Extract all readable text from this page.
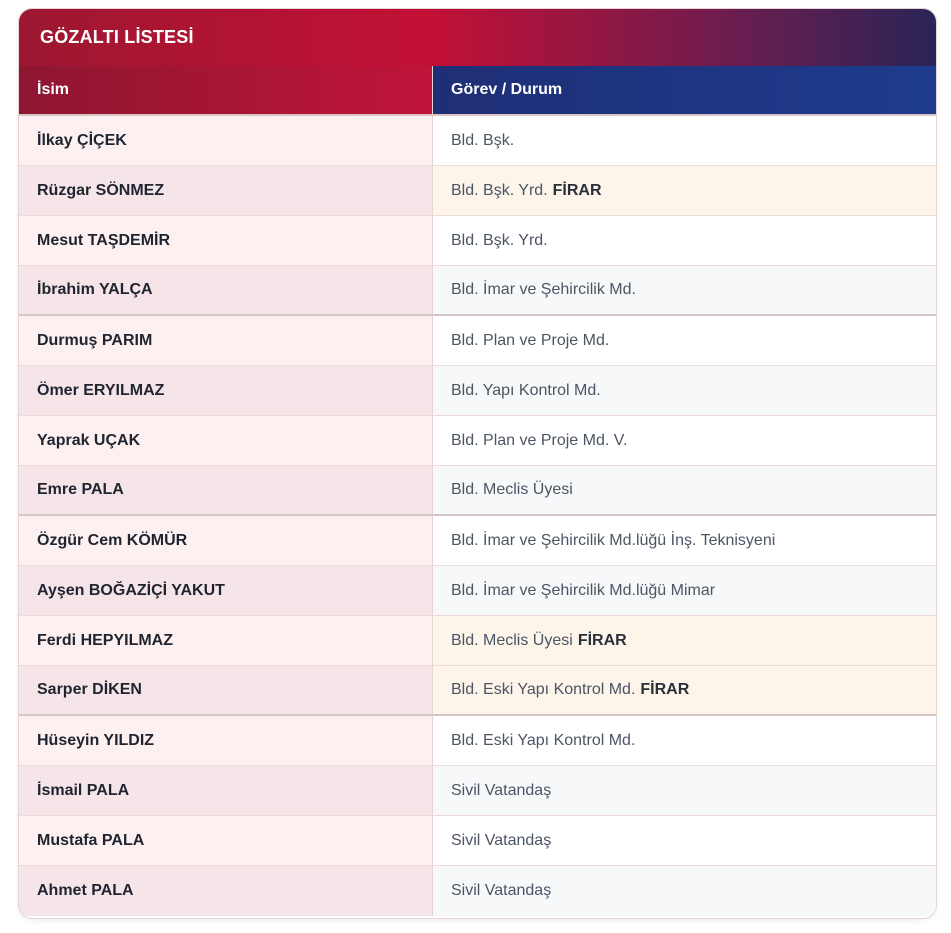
GÖZALTI LİSTESİ
İsim	Görev / Durum
İlkay ÇİÇEK	Bld. Bşk.
Rüzgar SÖNMEZ	Bld. Bşk. Yrd. FİRAR
Mesut TAŞDEMİR	Bld. Bşk. Yrd.
İbrahim YALÇA	Bld. İmar ve Şehircilik Md.
Durmuş PARIM	Bld. Plan ve Proje Md.
Ömer ERYILMAZ	Bld. Yapı Kontrol Md.
Yaprak UÇAK	Bld. Plan ve Proje Md. V.
Emre PALA	Bld. Meclis Üyesi
Özgür Cem KÖMÜR	Bld. İmar ve Şehircilik Md.lüğü İnş. Teknisyeni
Ayşen BOĞAZİÇİ YAKUT	Bld. İmar ve Şehircilik Md.lüğü Mimar
Ferdi HEPYILMAZ	Bld. Meclis Üyesi FİRAR
Sarper DİKEN	Bld. Eski Yapı Kontrol Md. FİRAR
Hüseyin YILDIZ	Bld. Eski Yapı Kontrol Md.
İsmail PALA	Sivil Vatandaş
Mustafa PALA	Sivil Vatandaş
Ahmet PALA	Sivil Vatandaş
